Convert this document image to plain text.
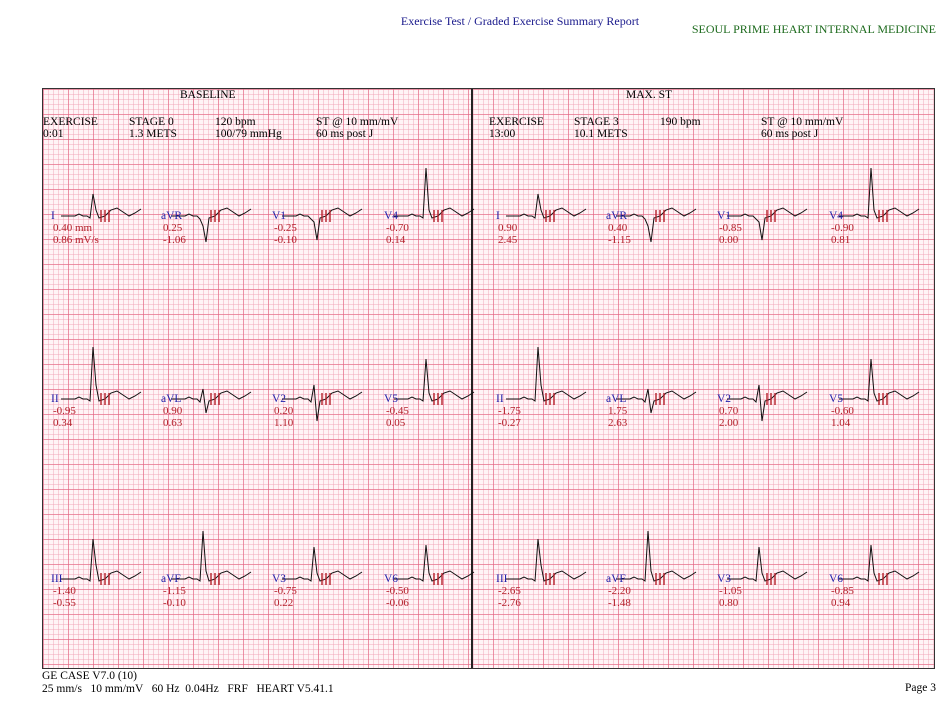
Exercise Test / Graded Exercise Summary Report
SEOUL PRIME HEART INTERNAL MEDICINE
BASELINE
EXERCISE
0:01
STAGE 0
1.3 METS
120 bpm
100/79 mmHg
ST @ 10 mm/mV
60 ms post J
I
0.40 mm
0.86 mV/s
aVR
0.25
-1.06
V1
-0.25
-0.10
V4
-0.70
0.14
II
-0.95
0.34
aVL
0.90
0.63
V2
0.20
1.10
V5
-0.45
0.05
III
-1.40
-0.55
aVF
-1.15
-0.10
V3
-0.75
0.22
V6
-0.50
-0.06
MAX. ST
EXERCISE
13:00
STAGE 3
10.1 METS
190 bpm	ST @ 10 mm/mV
60 ms post J
I
0.90
2.45
aVR
0.40
-1.15
V1
-0.85
0.00
V4
-0.90
0.81
II
-1.75
-0.27
aVL
1.75
2.63
V2
0.70
2.00
V5
-0.60
1.04
III
-2.65
-2.76
aVF
-2.20
-1.48
V3
-1.05
0.80
V6
-0.85
0.94
GE CASE V7.0 (10)
25 mm/s   10 mm/mV   60 Hz  0.04Hz   FRF   HEART V5.41.1	Page 3
